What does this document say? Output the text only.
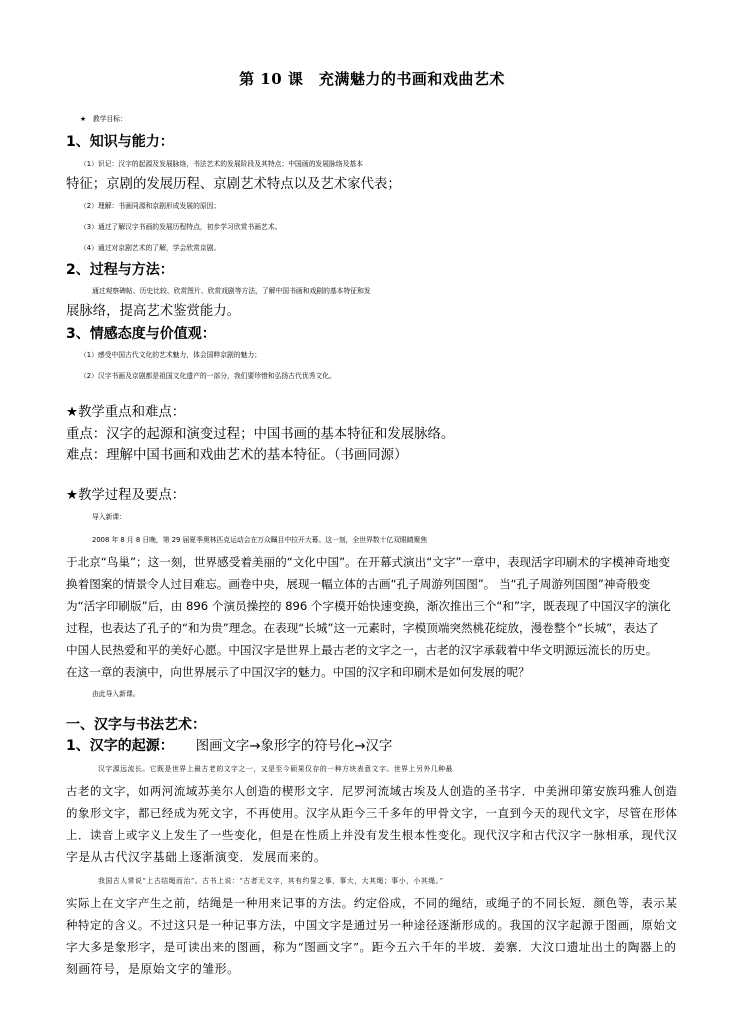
第 10 课　充满魅力的书画和戏曲艺术
★　教学目标：
1、知识与能力：
（1）识记：汉字的起源及发展脉络，书法艺术的发展阶段及其特点；中国画的发展脉络及基本
特征；京剧的发展历程、京剧艺术特点以及艺术家代表；
（2）理解：书画同源和京剧形成发展的原因；
（3）通过了解汉字书画的发展历程特点，初步学习欣赏书画艺术。
（4）通过对京剧艺术的了解，学会欣赏京剧。
2、过程与方法：
通过观察碑帖、历史比较、欣赏图片、欣赏戏剧等方法，了解中国书画和戏剧的基本特征和发
展脉络，提高艺术鉴赏能力。
3、情感态度与价值观：
（1）感受中国古代文化的艺术魅力，体会国粹京剧的魅力；
（2）汉字书画及京剧都是祖国文化遗产的一部分，我们要珍惜和弘扬古代优秀文化。
★教学重点和难点：
重点：汉字的起源和演变过程；中国书画的基本特征和发展脉络。
难点：理解中国书画和戏曲艺术的基本特征。（书画同源）
★教学过程及要点：
导入新课：
2008 年 8 月 8 日晚，第 29 届夏季奥林匹克运动会在万众瞩目中拉开大幕。这一刻，全世界数十亿双眼睛聚焦
于北京“鸟巢”；这一刻，世界感受着美丽的“文化中国”。在开幕式演出“文字”一章中，表现活字印刷术的字模神奇地变
换着图案的情景令人过目难忘。画卷中央，展现一幅立体的古画“孔子周游列国图”。 当“孔子周游列国图”神奇般变
为“活字印刷版”后，由 896 个演员操控的 896 个字模开始快速变换，渐次推出三个“和”字，既表现了中国汉字的演化
过程，也表达了孔子的“和为贵”理念。在表现“长城”这一元素时，字模顶端突然桃花绽放，漫卷整个“长城”，表达了
中国人民热爱和平的美好心愿。中国汉字是世界上最古老的文字之一，古老的汉字承载着中华文明源远流长的历史。
在这一章的表演中，向世界展示了中国汉字的魅力。中国的汉字和印刷术是如何发展的呢？
由此导入新课。
一、汉字与书法艺术：
1、汉字的起源： 图画文字→象形字的符号化→汉字
汉字源远流长。它既是世界上最古老的文字之一，又是至今硕果仅存的一种方块表意文字。世界上另外几种最
古老的文字，如两河流域苏美尔人创造的楔形文字．尼罗河流域古埃及人创造的圣书字．中美洲印第安族玛雅人创造
的象形文字，都已经成为死文字，不再使用。汉字从距今三千多年的甲骨文字，一直到今天的现代文字，尽管在形体
上．读音上或字义上发生了一些变化，但是在性质上并没有发生根本性变化。现代汉字和古代汉字一脉相承，现代汉
字是从古代汉字基础上逐渐演变．发展而来的。
我国古人常说“上古结绳而治”。古书上说：“古者无文字，其有约誓之事，事大，大其绳；事小，小其绳。”
实际上在文字产生之前，结绳是一种用来记事的方法。约定俗成，不同的绳结，或绳子的不同长短．颜色等，表示某
种特定的含义。不过这只是一种记事方法，中国文字是通过另一种途径逐渐形成的。我国的汉字起源于图画，原始文
字大多是象形字，是可读出来的图画，称为“图画文字”。距今五六千年的半坡．姜寨．大汶口遗址出土的陶器上的
刻画符号，是原始文字的雏形。
